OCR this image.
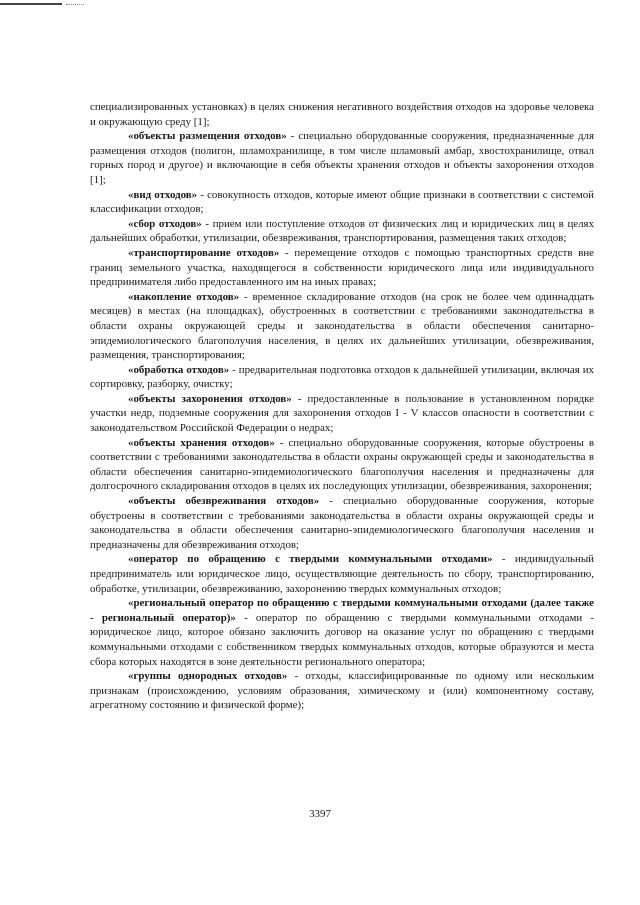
специализированных установках) в целях снижения негативного воздействия отходов на здоровье человека и окружающую среду [1];

«объекты размещения отходов» - специально оборудованные сооружения, предназначенные для размещения отходов (полигон, шламохранилище, в том числе шламовый амбар, хвостохранилище, отвал горных пород и другое) и включающие в себя объекты хранения отходов и объекты захоронения отходов [1];

«вид отходов» - совокупность отходов, которые имеют общие признаки в соответствии с системой классификации отходов;

«сбор отходов» - прием или поступление отходов от физических лиц и юридических лиц в целях дальнейших обработки, утилизации, обезвреживания, транспортирования, размещения таких отходов;

«транспортирование отходов» - перемещение отходов с помощью транспортных средств вне границ земельного участка, находящегося в собственности юридического лица или индивидуального предпринимателя либо предоставленного им на иных правах;

«накопление отходов» - временное складирование отходов (на срок не более чем одиннадцать месяцев) в местах (на площадках), обустроенных в соответствии с требованиями законодательства в области охраны окружающей среды и законодательства в области обеспечения санитарно-эпидемиологического благополучия населения, в целях их дальнейших утилизации, обезвреживания, размещения, транспортирования;

«обработка отходов» - предварительная подготовка отходов к дальнейшей утилизации, включая их сортировку, разборку, очистку;

«объекты захоронения отходов» - предоставленные в пользование в установленном порядке участки недр, подземные сооружения для захоронения отходов I - V классов опасности в соответствии с законодательством Российской Федерации о недрах;

«объекты хранения отходов» - специально оборудованные сооружения, которые обустроены в соответствии с требованиями законодательства в области охраны окружающей среды и законодательства в области обеспечения санитарно-эпидемиологического благополучия населения и предназначены для долгосрочного складирования отходов в целях их последующих утилизации, обезвреживания, захоронения;

«объекты обезвреживания отходов» - специально оборудованные сооружения, которые обустроены в соответствии с требованиями законодательства в области охраны окружающей среды и законодательства в области обеспечения санитарно-эпидемиологического благополучия населения и предназначены для обезвреживания отходов;

«оператор по обращению с твердыми коммунальными отходами» - индивидуальный предприниматель или юридическое лицо, осуществляющие деятельность по сбору, транспортированию, обработке, утилизации, обезвреживанию, захоронению твердых коммунальных отходов;

«региональный оператор по обращению с твердыми коммунальными отходами (далее также - региональный оператор)» - оператор по обращению с твердыми коммунальными отходами - юридическое лицо, которое обязано заключить договор на оказание услуг по обращению с твердыми коммунальными отходами с собственником твердых коммунальных отходов, которые образуются и места сбора которых находятся в зоне деятельности регионального оператора;

«группы однородных отходов» - отходы, классифицированные по одному или нескольким признакам (происхождению, условиям образования, химическому и (или) компонентному составу, агрегатному состоянию и физической форме);

3397
